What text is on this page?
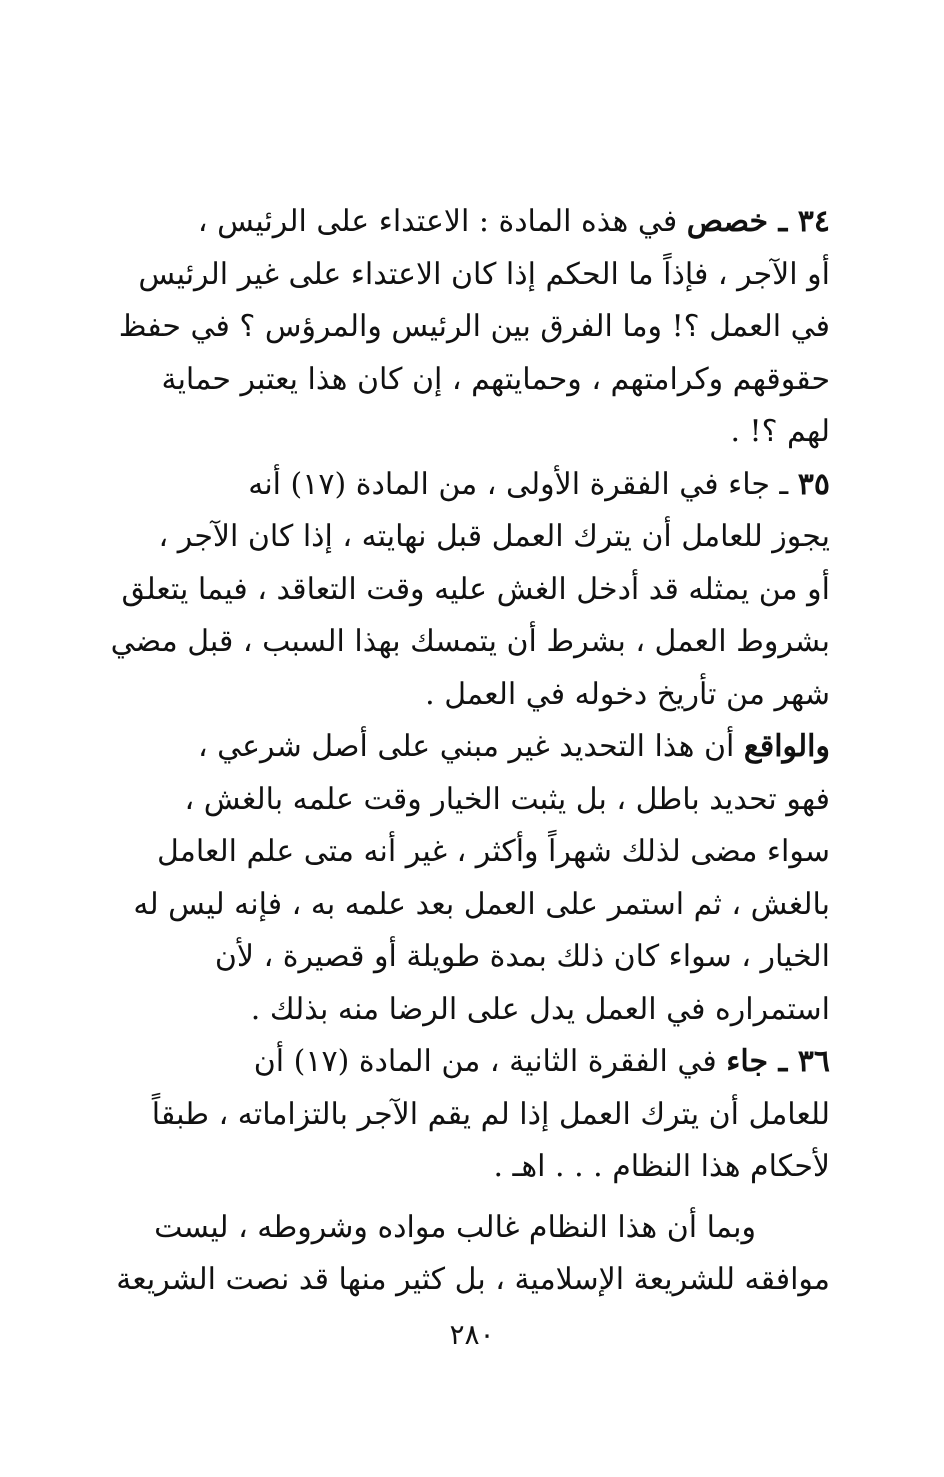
٣٤ ـ خصص في هذه المادة : الاعتداء على الرئيس ،
أو الآجر ، فإذاً ما الحكم إذا كان الاعتداء على غير الرئيس
في العمل ؟! وما الفرق بين الرئيس والمرؤس ؟ في حفظ
حقوقهم وكرامتهم ، وحمايتهم ، إن كان هذا يعتبر حماية
لهم ؟! .
٣٥ ـ جاء في الفقرة الأولى ، من المادة (١٧) أنه
يجوز للعامل أن يترك العمل قبل نهايته ، إذا كان الآجر ،
أو من يمثله قد أدخل الغش عليه وقت التعاقد ، فيما يتعلق
بشروط العمل ، بشرط أن يتمسك بهذا السبب ، قبل مضي
شهر من تأريخ دخوله في العمل .
والواقع أن هذا التحديد غير مبني على أصل شرعي ،
فهو تحديد باطل ، بل يثبت الخيار وقت علمه بالغش ،
سواء مضى لذلك شهراً وأكثر ، غير أنه متى علم العامل
بالغش ، ثم استمر على العمل بعد علمه به ، فإنه ليس له
الخيار ، سواء كان ذلك بمدة طويلة أو قصيرة ، لأن
استمراره في العمل يدل على الرضا منه بذلك .
٣٦ ـ جاء في الفقرة الثانية ، من المادة (١٧) أن
للعامل أن يترك العمل إذا لم يقم الآجر بالتزاماته ، طبقاً
لأحكام هذا النظام . . . اهـ .
وبما أن هذا النظام غالب مواده وشروطه ، ليست
موافقه للشريعة الإسلامية ، بل كثير منها قد نصت الشريعة
٢٨٠
